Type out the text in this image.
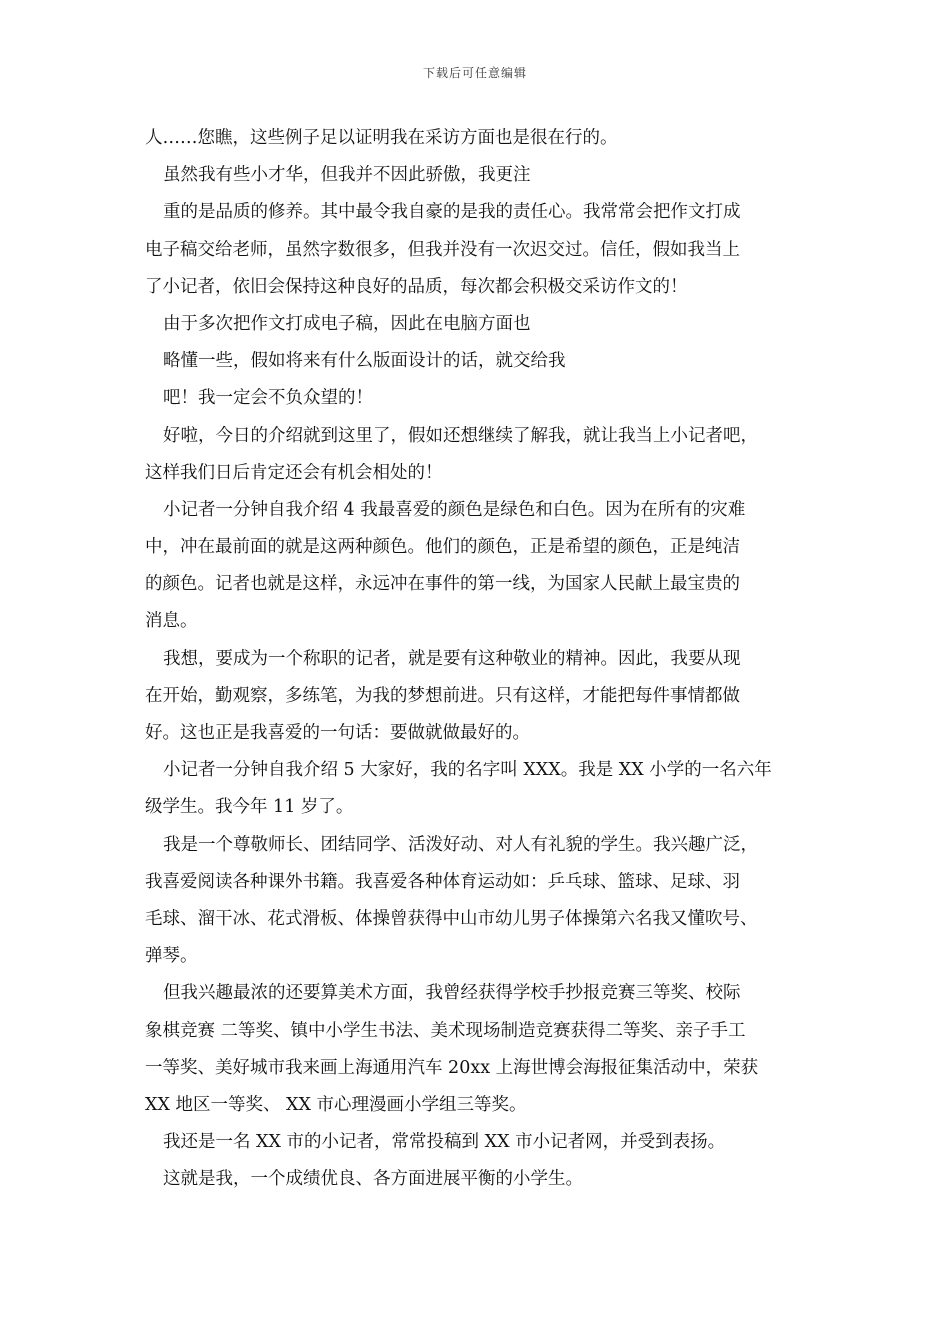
下载后可任意编辑
人……您瞧，这些例子足以证明我在采访方面也是很在行的。
虽然我有些小才华，但我并不因此骄傲，我更注
重的是品质的修养。其中最令我自豪的是我的责任心。我常常会把作文打成
电子稿交给老师，虽然字数很多，但我并没有一次迟交过。信任，假如我当上
了小记者，依旧会保持这种良好的品质，每次都会积极交采访作文的！
由于多次把作文打成电子稿，因此在电脑方面也
略懂一些，假如将来有什么版面设计的话，就交给我
吧！我一定会不负众望的！
好啦，今日的介绍就到这里了，假如还想继续了解我，就让我当上小记者吧，
这样我们日后肯定还会有机会相处的！
小记者一分钟自我介绍 4 我最喜爱的颜色是绿色和白色。因为在所有的灾难
中，冲在最前面的就是这两种颜色。他们的颜色，正是希望的颜色，正是纯洁
的颜色。记者也就是这样，永远冲在事件的第一线，为国家人民献上最宝贵的
消息。
我想，要成为一个称职的记者，就是要有这种敬业的精神。因此，我要从现
在开始，勤观察，多练笔，为我的梦想前进。只有这样，才能把每件事情都做
好。这也正是我喜爱的一句话：要做就做最好的。
小记者一分钟自我介绍 5 大家好，我的名字叫 XXX。我是 XX 小学的一名六年
级学生。我今年 11 岁了。
我是一个尊敬师长、团结同学、活泼好动、对人有礼貌的学生。我兴趣广泛，
我喜爱阅读各种课外书籍。我喜爱各种体育运动如：乒乓球、篮球、足球、羽
毛球、溜干冰、花式滑板、体操曾获得中山市幼儿男子体操第六名我又懂吹号、
弹琴。
但我兴趣最浓的还要算美术方面，我曾经获得学校手抄报竞赛三等奖、校际
象棋竞赛 二等奖、镇中小学生书法、美术现场制造竞赛获得二等奖、亲子手工
一等奖、美好城市我来画上海通用汽车 20xx 上海世博会海报征集活动中，荣获
XX 地区一等奖、 XX 市心理漫画小学组三等奖。
我还是一名 XX 市的小记者，常常投稿到 XX 市小记者网，并受到表扬。
这就是我，一个成绩优良、各方面进展平衡的小学生。
